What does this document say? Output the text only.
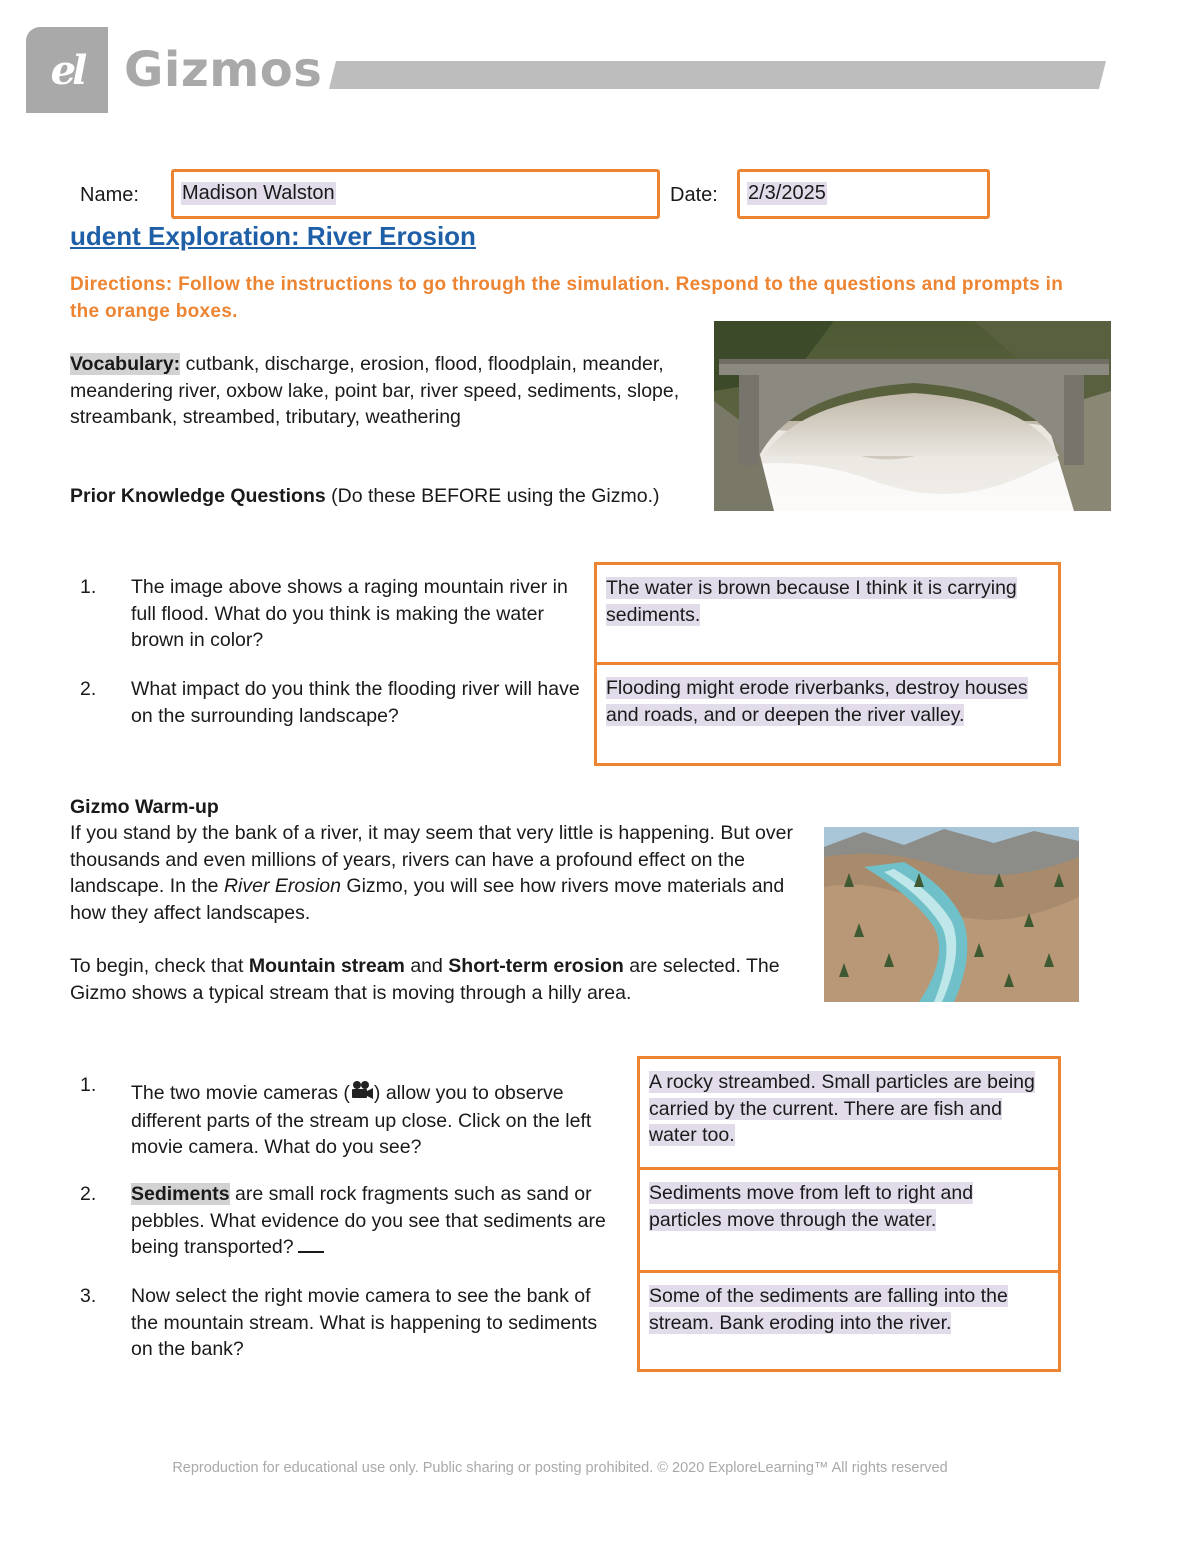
el Gizmos
Name: Madison Walston	Date: 2/3/2025
udent Exploration: River Erosion
Directions: Follow the instructions to go through the simulation. Respond to the questions and prompts in the orange boxes.
Vocabulary: cutbank, discharge, erosion, flood, floodplain, meander, meandering river, oxbow lake, point bar, river speed, sediments, slope, streambank, streambed, tributary, weathering
Prior Knowledge Questions (Do these BEFORE using the Gizmo.)
1. The image above shows a raging mountain river in full flood. What do you think is making the water brown in color?
The water is brown because I think it is carrying sediments.
2. What impact do you think the flooding river will have on the surrounding landscape?
Flooding might erode riverbanks, destroy houses and roads, and or deepen the river valley.
Gizmo Warm-up
If you stand by the bank of a river, it may seem that very little is happening. But over thousands and even millions of years, rivers can have a profound effect on the landscape. In the River Erosion Gizmo, you will see how rivers move materials and how they affect landscapes.
To begin, check that Mountain stream and Short-term erosion are selected. The Gizmo shows a typical stream that is moving through a hilly area.
1. The two movie cameras ( ) allow you to observe different parts of the stream up close. Click on the left movie camera. What do you see?
A rocky streambed. Small particles are being carried by the current. There are fish and water too.
2. Sediments are small rock fragments such as sand or pebbles. What evidence do you see that sediments are being transported?
Sediments move from left to right and particles move through the water.
3. Now select the right movie camera to see the bank of the mountain stream. What is happening to sediments on the bank?
Some of the sediments are falling into the stream. Bank eroding into the river.
Reproduction for educational use only. Public sharing or posting prohibited. © 2020 ExploreLearning™ All rights reserved
